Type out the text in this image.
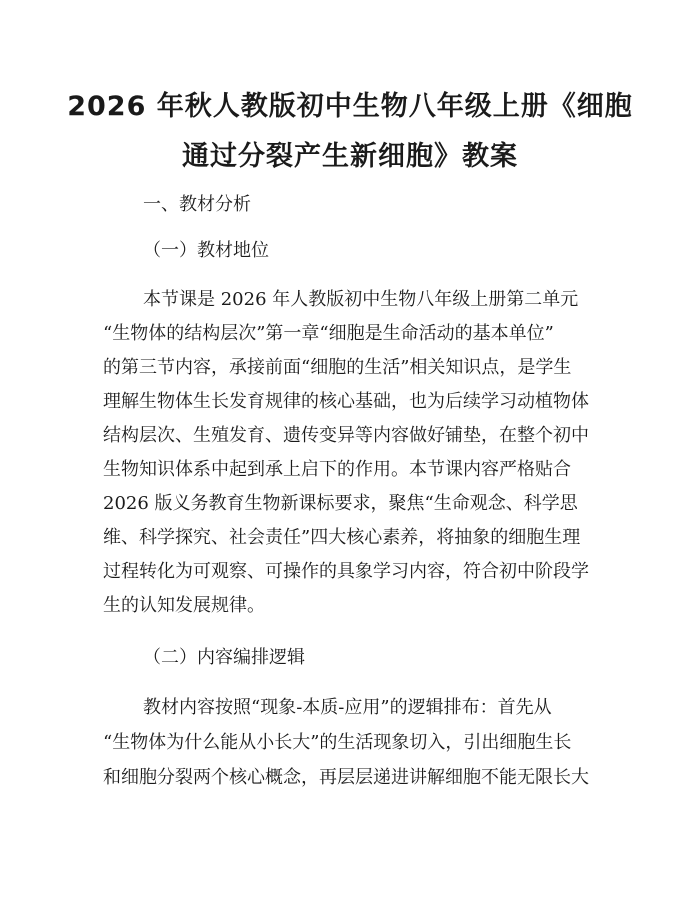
2026 年秋人教版初中生物八年级上册《细胞
通过分裂产生新细胞》教案
一、教材分析
（一）教材地位
本节课是 2026 年人教版初中生物八年级上册第二单元
“生物体的结构层次”第一章“细胞是生命活动的基本单位”
的第三节内容，承接前面“细胞的生活”相关知识点，是学生
理解生物体生长发育规律的核心基础，也为后续学习动植物体
结构层次、生殖发育、遗传变异等内容做好铺垫，在整个初中
生物知识体系中起到承上启下的作用。本节课内容严格贴合
2026 版义务教育生物新课标要求，聚焦“生命观念、科学思
维、科学探究、社会责任”四大核心素养，将抽象的细胞生理
过程转化为可观察、可操作的具象学习内容，符合初中阶段学
生的认知发展规律。
（二）内容编排逻辑
教材内容按照“现象-本质-应用”的逻辑排布：首先从
“生物体为什么能从小长大”的生活现象切入，引出细胞生长
和细胞分裂两个核心概念，再层层递进讲解细胞不能无限长大
